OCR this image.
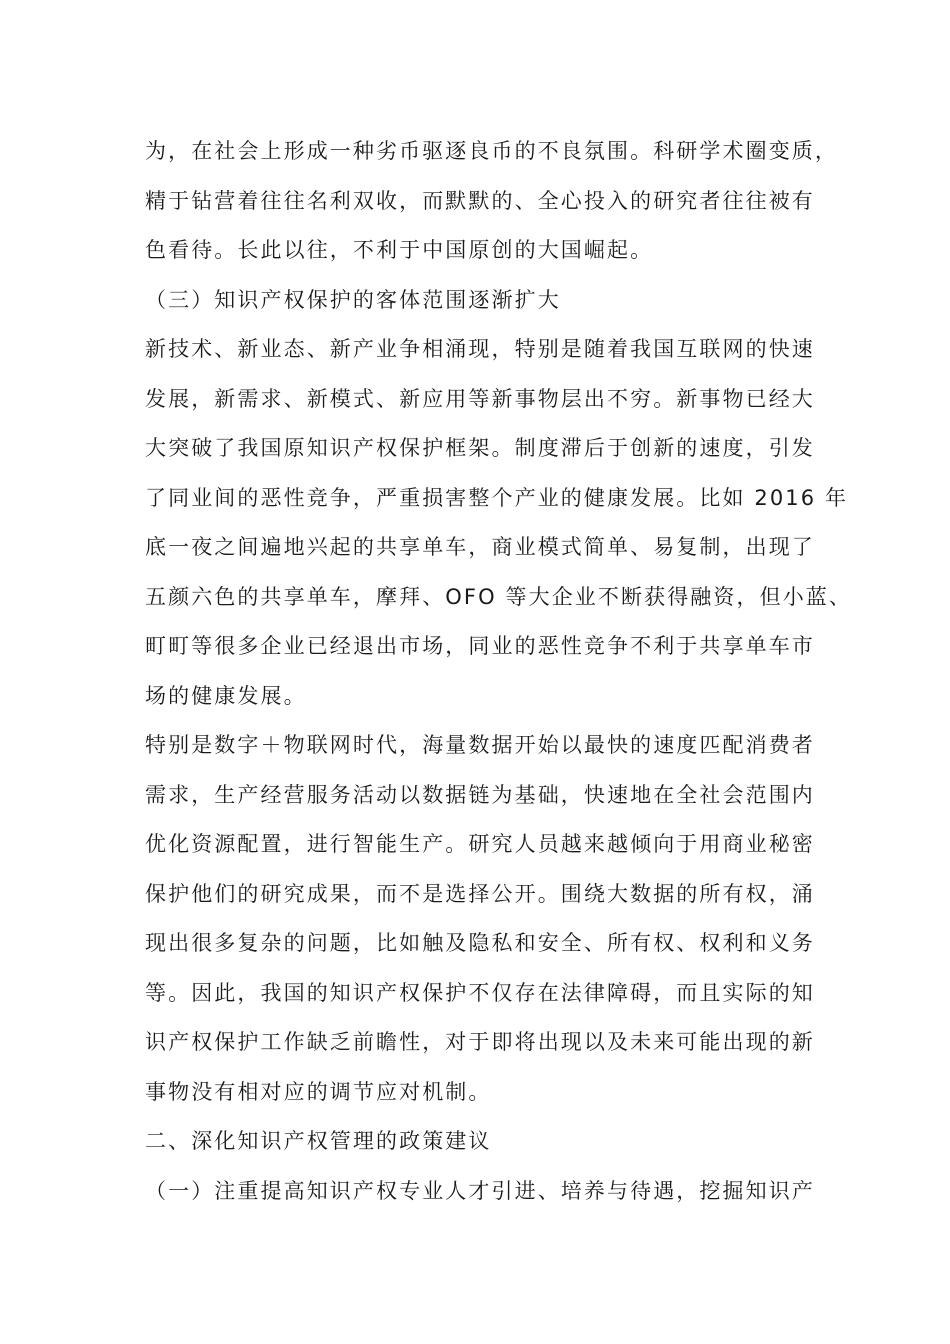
为，在社会上形成一种劣币驱逐良币的不良氛围。科研学术圈变质，
精于钻营着往往名利双收，而默默的、全心投入的研究者往往被有
色看待。长此以往，不利于中国原创的大国崛起。
（三）知识产权保护的客体范围逐渐扩大
新技术、新业态、新产业争相涌现，特别是随着我国互联网的快速
发展，新需求、新模式、新应用等新事物层出不穷。新事物已经大
大突破了我国原知识产权保护框架。制度滞后于创新的速度，引发
了同业间的恶性竞争，严重损害整个产业的健康发展。比如 2016 年
底一夜之间遍地兴起的共享单车，商业模式简单、易复制，出现了
五颜六色的共享单车，摩拜、OFO 等大企业不断获得融资，但小蓝、
町町等很多企业已经退出市场，同业的恶性竞争不利于共享单车市
场的健康发展。
特别是数字＋物联网时代，海量数据开始以最快的速度匹配消费者
需求，生产经营服务活动以数据链为基础，快速地在全社会范围内
优化资源配置，进行智能生产。研究人员越来越倾向于用商业秘密
保护他们的研究成果，而不是选择公开。围绕大数据的所有权，涌
现出很多复杂的问题，比如触及隐私和安全、所有权、权利和义务
等。因此，我国的知识产权保护不仅存在法律障碍，而且实际的知
识产权保护工作缺乏前瞻性，对于即将出现以及未来可能出现的新
事物没有相对应的调节应对机制。
二、深化知识产权管理的政策建议
（一）注重提高知识产权专业人才引进、培养与待遇，挖掘知识产
